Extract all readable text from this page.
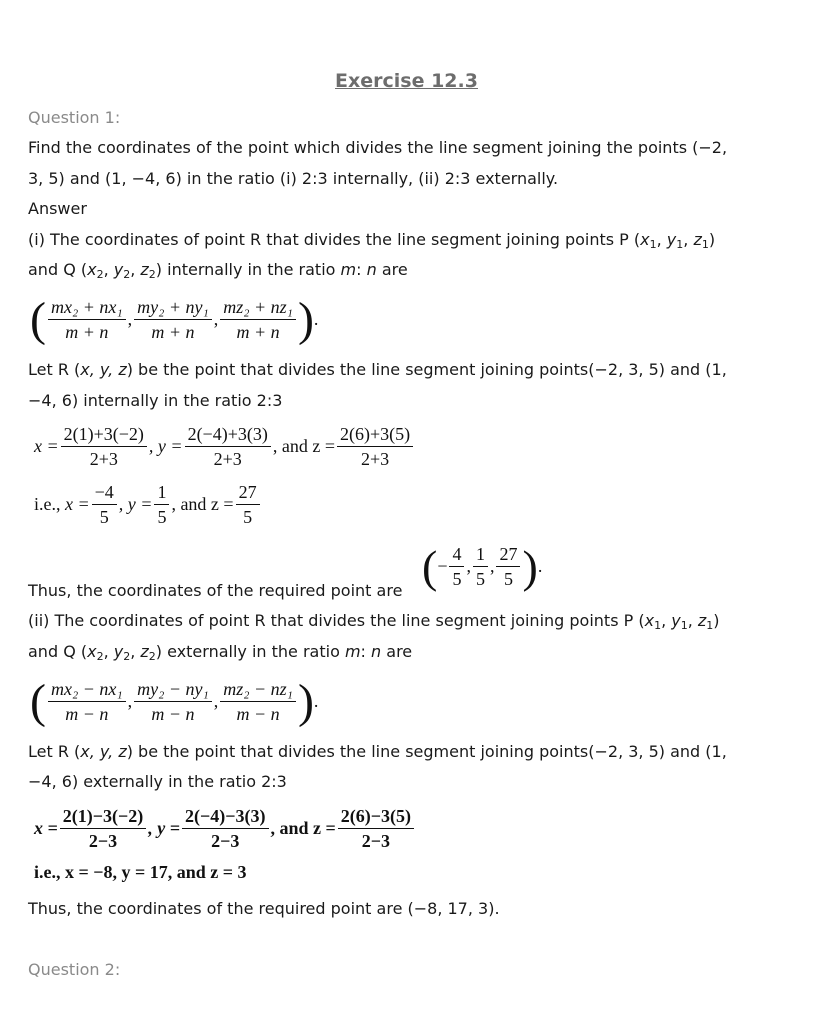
Exercise 12.3
Question 1:
Find the coordinates of the point which divides the line segment joining the points (−2,
3, 5) and (1, −4, 6) in the ratio (i) 2:3 internally, (ii) 2:3 externally.
Answer
(i) The coordinates of point R that divides the line segment joining points P ($x_1$, $y_1$, $z_1$)
and Q ($x_2$, $y_2$, $z_2$) internally in the ratio m: n are
( $\frac{\text{mx₂ + nx₁}}{m + n}$ , $\frac{\text{my₂ + ny₁}}{m + n}$ , $\frac{\text{mz₂ + nz₁}}{m + n}$ ) .
Let R (x, y, z) be the point that divides the line segment joining points(−2, 3, 5) and (1,
−4, 6) internally in the ratio 2:3
$x = \frac{2(1)+3(-2)}{2+3}$ , $y = \frac{2(-4)+3(3)}{2+3}$ , and $z = \frac{2(6)+3(5)}{2+3}$
i.e.,
$x = \frac{-4}{5}$ , $y = \frac{1}{5}$ , and $z = \frac{27}{5}$
Thus, the coordinates of the required point are ( − $\frac{4}{5}$ , $\frac{1}{5}$ , $\frac{27}{5}$ ) .
(ii) The coordinates of point R that divides the line segment joining points P ($x_1$, $y_1$, $z_1$)
and Q ($x_2$, $y_2$, $z_2$) externally in the ratio m: n are
( $\frac{\text{mx₂ − nx₁}}{m - n}$ , $\frac{\text{my₂ − ny₁}}{m - n}$ , $\frac{\text{mz₂ − nz₁}}{m - n}$ ) .
Let R (x, y, z) be the point that divides the line segment joining points(−2, 3, 5) and (1,
−4, 6) externally in the ratio 2:3
$x = \frac{2(1)-3(-2)}{2-3}$ , $y = \frac{2(-4)-3(3)}{2-3}$ , and $z = \frac{2(6)-3(5)}{2-3}$
i.e., x = −8, y = 17, and z = 3
Thus, the coordinates of the required point are (−8, 17, 3).
Question 2:
